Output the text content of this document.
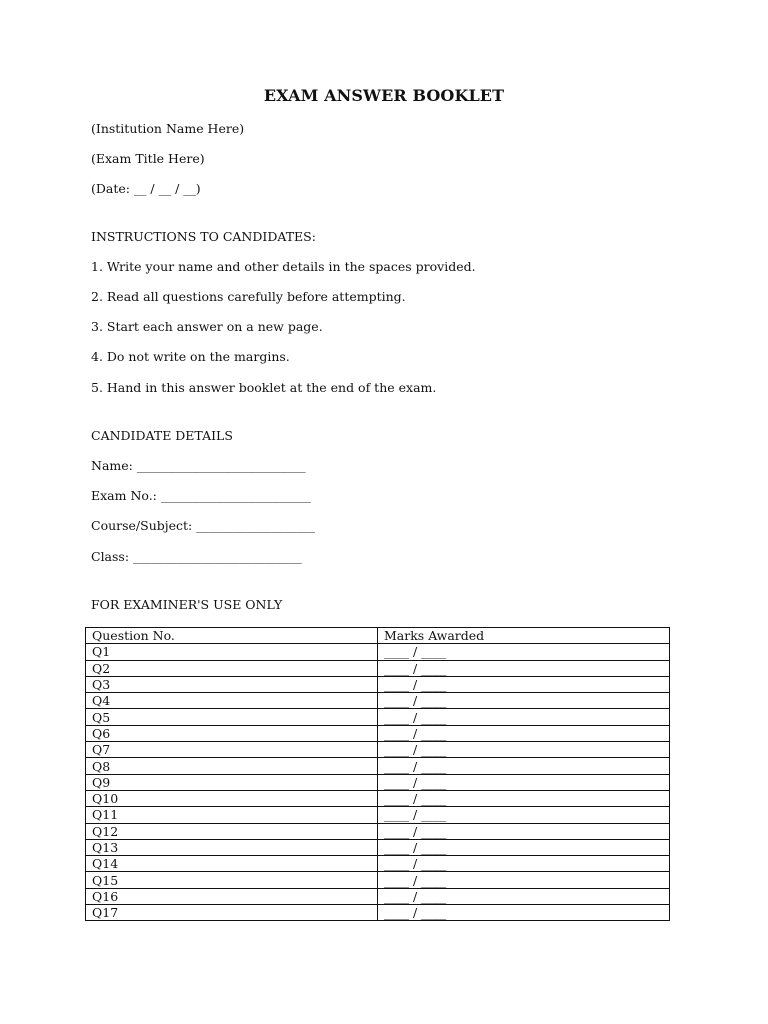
EXAM ANSWER BOOKLET
(Institution Name Here)
(Exam Title Here)
(Date: __ / __ / __)
INSTRUCTIONS TO CANDIDATES:
1. Write your name and other details in the spaces provided.
2. Read all questions carefully before attempting.
3. Start each answer on a new page.
4. Do not write on the margins.
5. Hand in this answer booklet at the end of the exam.
CANDIDATE DETAILS
Name: ___________________________
Exam No.: ________________________
Course/Subject: ___________________
Class: ___________________________
FOR EXAMINER'S USE ONLY
Question No.	Marks Awarded
Q1	____ / ____
Q2	____ / ____
Q3	____ / ____
Q4	____ / ____
Q5	____ / ____
Q6	____ / ____
Q7	____ / ____
Q8	____ / ____
Q9	____ / ____
Q10	____ / ____
Q11	____ / ____
Q12	____ / ____
Q13	____ / ____
Q14	____ / ____
Q15	____ / ____
Q16	____ / ____
Q17	____ / ____
